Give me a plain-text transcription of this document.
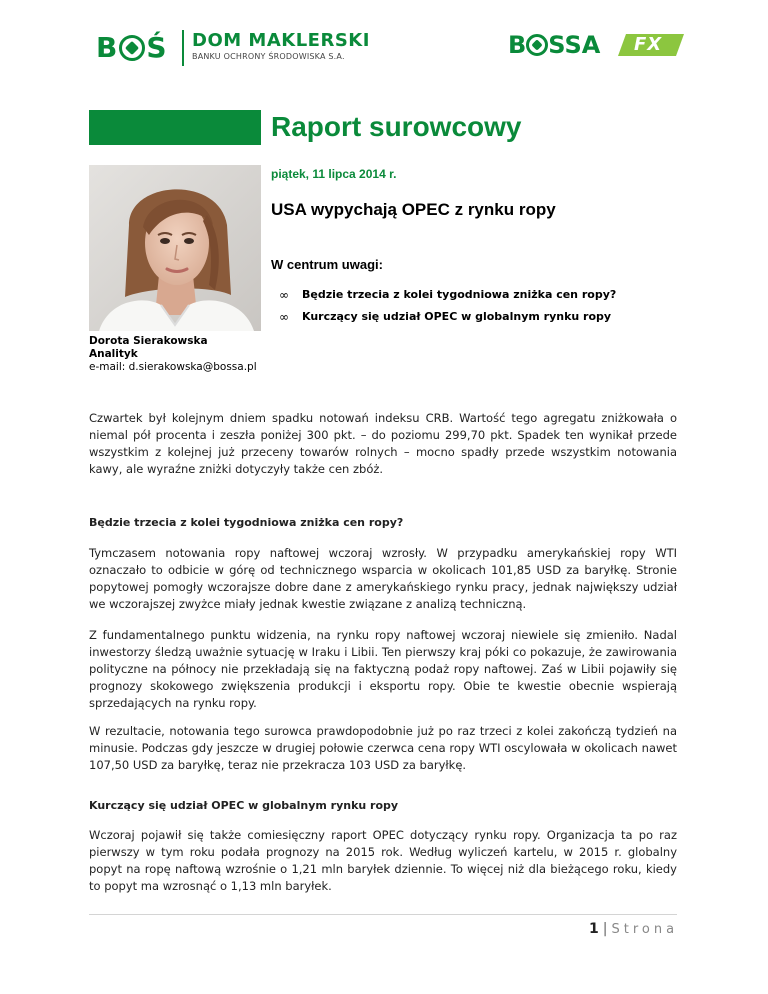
B Ś DOM MAKLERSKI
BANKU OCHRONY ŚRODOWISKA S.A.	B SSA FX
Raport surowcowy
piątek, 11 lipca 2014 r.
USA wypychają OPEC z rynku ropy
W centrum uwagi:
∞ Będzie trzecia z kolei tygodniowa zniżka cen ropy?
∞ Kurczący się udział OPEC w globalnym rynku ropy
Dorota Sierakowska
Analityk
e-mail: d.sierakowska@bossa.pl
Czwartek był kolejnym dniem spadku notowań indeksu CRB. Wartość tego agregatu zniżkowała o niemal pół procenta i zeszła poniżej 300 pkt. – do poziomu 299,70 pkt. Spadek ten wynikał przede wszystkim z kolejnej już przeceny towarów rolnych – mocno spadły przede wszystkim notowania kawy, ale wyraźne zniżki dotyczyły także cen zbóż.
Będzie trzecia z kolei tygodniowa zniżka cen ropy?
Tymczasem notowania ropy naftowej wczoraj wzrosły. W przypadku amerykańskiej ropy WTI oznaczało to odbicie w górę od technicznego wsparcia w okolicach 101,85 USD za baryłkę. Stronie popytowej pomogły wczorajsze dobre dane z amerykańskiego rynku pracy, jednak największy udział we wczorajszej zwyżce miały jednak kwestie związane z analizą techniczną.
Z fundamentalnego punktu widzenia, na rynku ropy naftowej wczoraj niewiele się zmieniło. Nadal inwestorzy śledzą uważnie sytuację w Iraku i Libii. Ten pierwszy kraj póki co pokazuje, że zawirowania polityczne na północy nie przekładają się na faktyczną podaż ropy naftowej. Zaś w Libii pojawiły się prognozy skokowego zwiększenia produkcji i eksportu ropy. Obie te kwestie obecnie wspierają sprzedających na rynku ropy.
W rezultacie, notowania tego surowca prawdopodobnie już po raz trzeci z kolei zakończą tydzień na minusie. Podczas gdy jeszcze w drugiej połowie czerwca cena ropy WTI oscylowała w okolicach nawet 107,50 USD za baryłkę, teraz nie przekracza 103 USD za baryłkę.
Kurczący się udział OPEC w globalnym rynku ropy
Wczoraj pojawił się także comiesięczny raport OPEC dotyczący rynku ropy. Organizacja ta po raz pierwszy w tym roku podała prognozy na 2015 rok. Według wyliczeń kartelu, w 2015 r. globalny popyt na ropę naftową wzrośnie o 1,21 mln baryłek dziennie. To więcej niż dla bieżącego roku, kiedy to popyt ma wzrosnąć o 1,13 mln baryłek.
1 | Strona
